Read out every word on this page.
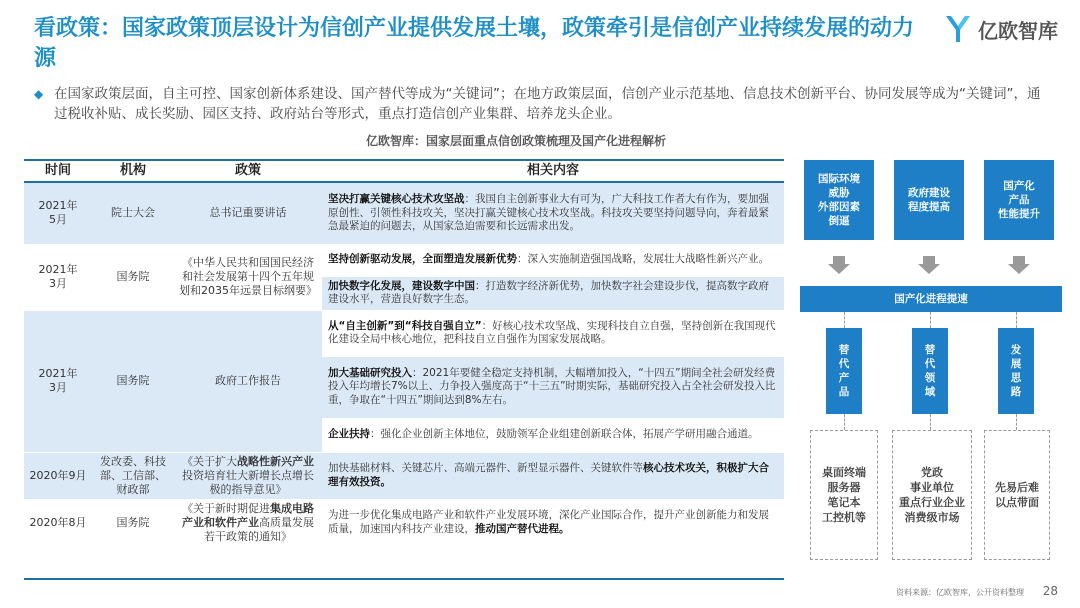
看政策：国家政策顶层设计为信创产业提供发展土壤，政策牵引是信创产业持续发展的动力源
亿欧智库
◆ 在国家政策层面，自主可控、国家创新体系建设、国产替代等成为“关键词”；在地方政策层面，信创产业示范基地、信息技术创新平台、协同发展等成为“关键词”，通过税收补贴、成长奖励、园区支持、政府站台等形式，重点打造信创产业集群、培养龙头企业。
亿欧智库：国家层面重点信创政策梳理及国产化进程解析
时间	机构	政策	相关内容
2021年
5月	院士大会	总书记重要讲话	坚决打赢关键核心技术攻坚战：我国自主创新事业大有可为，广大科技工作者大有作为，要加强原创性、引领性科技攻关，坚决打赢关键核心技术攻坚战。科技攻关要坚持问题导向，奔着最紧急最紧迫的问题去，从国家急迫需要和长远需求出发。
2021年
3月	国务院	《中华人民共和国国民经济和社会发展第十四个五年规划和2035年远景目标纲要》	坚持创新驱动发展，全面塑造发展新优势：深入实施制造强国战略，发展壮大战略性新兴产业。
			加快数字化发展，建设数字中国：打造数字经济新优势，加快数字社会建设步伐，提高数字政府建设水平，营造良好数字生态。
2021年
3月	国务院	政府工作报告	从“自主创新”到“科技自强自立”：好核心技术攻坚战、实现科技自立自强，坚持创新在我国现代化建设全局中核心地位，把科技自立自强作为国家发展战略。
			加大基础研究投入：2021年要健全稳定支持机制，大幅增加投入，“十四五”期间全社会研发经费投入年均增长7%以上、力争投入强度高于“十三五”时期实际，基础研究投入占全社会研发投入比重，争取在“十四五”期间达到8%左右。
			企业扶持：强化企业创新主体地位，鼓励领军企业组建创新联合体，拓展产学研用融合通道。
2020年9月	发改委、科技部、工信部、财政部	《关于扩大战略性新兴产业投资培育壮大新增长点增长极的指导意见》	加快基础材料、关键芯片、高端元器件、新型显示器件、关键软件等核心技术攻关，积极扩大合理有效投资。
2020年8月	国务院	《关于新时期促进集成电路产业和软件产业高质量发展若干政策的通知》	为进一步优化集成电路产业和软件产业发展环境，深化产业国际合作，提升产业创新能力和发展质量，加速国内科技产业建设，推动国产替代进程。
国际环境
威胁
外部因素
倒逼
政府建设
程度提高
国产化
产品
性能提升
国产化进程提速
替
代
产
品
替
代
领
域
发
展
思
路
桌面终端
服务器
笔记本
工控机等
党政
事业单位
重点行业企业
消费级市场
先易后难
以点带面
资料来源：亿欧智库，公开资料整理 28
